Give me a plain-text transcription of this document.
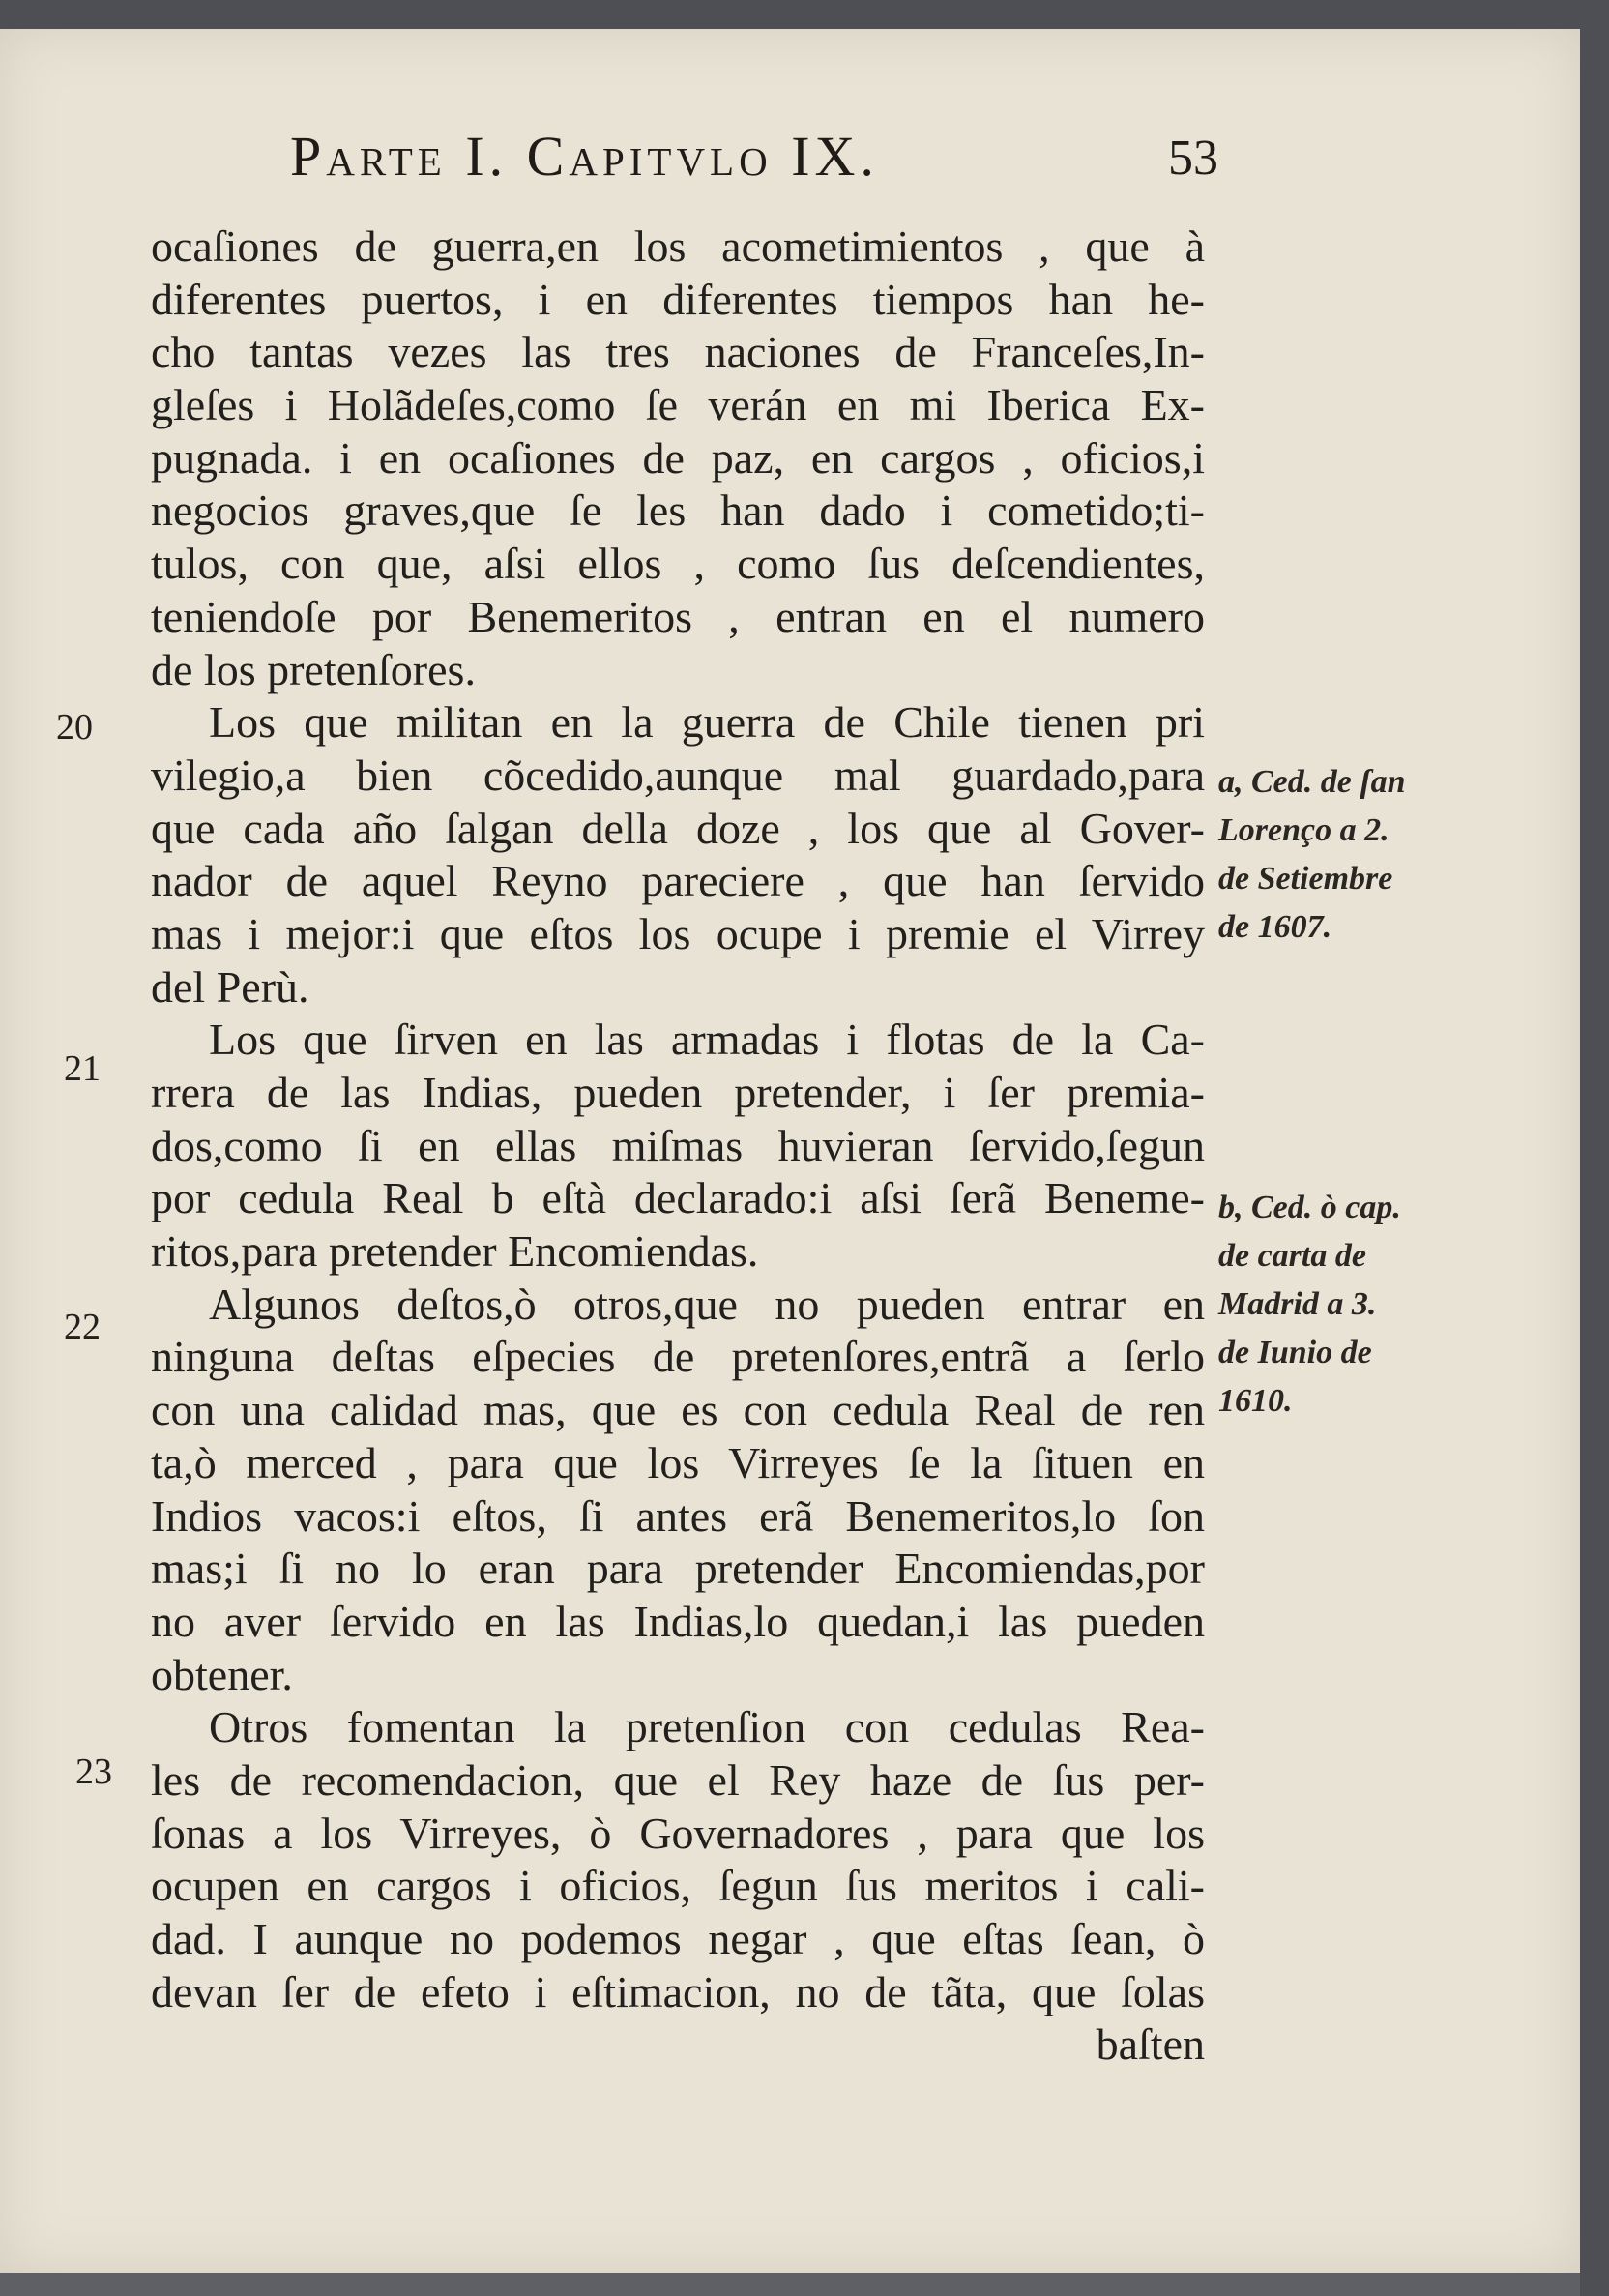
Parte I. Capitvlo IX.	53
ocaſiones de guerra,en los acometimientos , que à
diferentes puertos, i en diferentes tiempos han he-
cho tantas vezes las tres naciones de Franceſes,In-
gleſes i Holãdeſes,como ſe verán en mi Iberica Ex-
pugnada. i en ocaſiones de paz, en cargos , oficios,i
negocios graves,que ſe les han dado i cometido;ti-
tulos, con que, aſsi ellos , como ſus deſcendientes,
teniendoſe por Benemeritos , entran en el numero
de los pretenſores.
Los que militan en la guerra de Chile tienen pri
vilegio,a bien cõcedido,aunque mal guardado,para
que cada año ſalgan della doze , los que al Gover-
nador de aquel Reyno pareciere , que han ſervido
mas i mejor:i que eſtos los ocupe i premie el Virrey
del Perù.
Los que ſirven en las armadas i flotas de la Ca-
rrera de las Indias, pueden pretender, i ſer premia-
dos,como ſi en ellas miſmas huvieran ſervido,ſegun
por cedula Real b eſtà declarado:i aſsi ſerã Beneme-
ritos,para pretender Encomiendas.
Algunos deſtos,ò otros,que no pueden entrar en
ninguna deſtas eſpecies de pretenſores,entrã a ſerlo
con una calidad mas, que es con cedula Real de ren
ta,ò merced , para que los Virreyes ſe la ſituen en
Indios vacos:i eſtos, ſi antes erã Benemeritos,lo ſon
mas;i ſi no lo eran para pretender Encomiendas,por
no aver ſervido en las Indias,lo quedan,i las pueden
obtener.
Otros fomentan la pretenſion con cedulas Rea-
les de recomendacion, que el Rey haze de ſus per-
ſonas a los Virreyes, ò Governadores , para que los
ocupen en cargos i oficios, ſegun ſus meritos i cali-
dad. I aunque no podemos negar , que eſtas ſean, ò
devan ſer de efeto i eſtimacion, no de tãta, que ſolas
baſten
20
21
22
23
a, Ced. de ſan
Lorenço a 2.
de Setiembre
de 1607.
b, Ced. ò cap.
de carta de
Madrid a 3.
de Iunio de
1610.
